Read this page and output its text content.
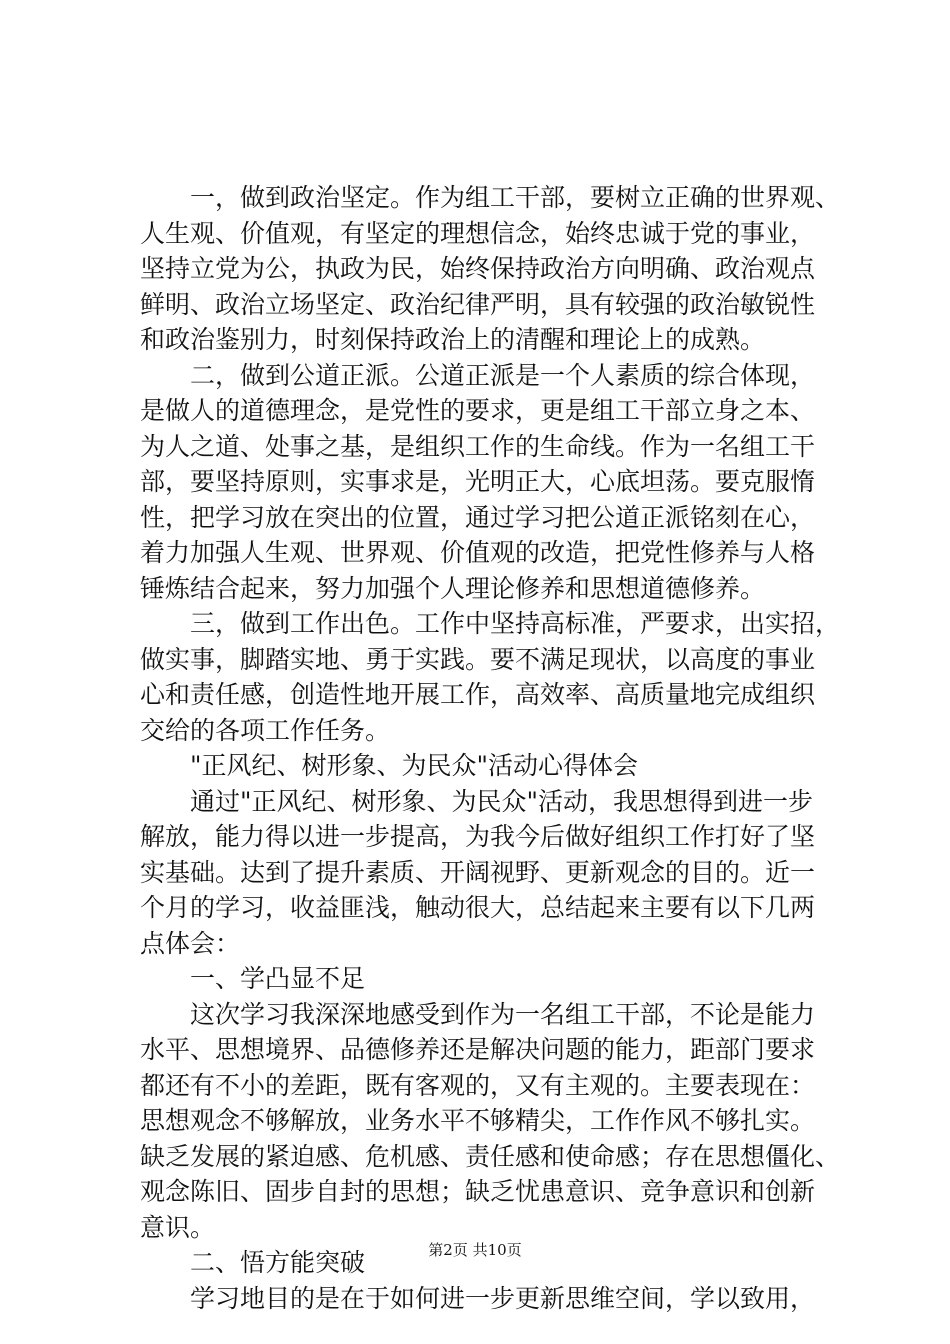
　　一，做到政治坚定。作为组工干部，要树立正确的世界观、
人生观、价值观，有坚定的理想信念，始终忠诚于党的事业，
坚持立党为公，执政为民，始终保持政治方向明确、政治观点
鲜明、政治立场坚定、政治纪律严明，具有较强的政治敏锐性
和政治鉴别力，时刻保持政治上的清醒和理论上的成熟。
　　二，做到公道正派。公道正派是一个人素质的综合体现，
是做人的道德理念，是党性的要求，更是组工干部立身之本、
为人之道、处事之基，是组织工作的生命线。作为一名组工干
部，要坚持原则，实事求是，光明正大，心底坦荡。要克服惰
性，把学习放在突出的位置，通过学习把公道正派铭刻在心，
着力加强人生观、世界观、价值观的改造，把党性修养与人格
锤炼结合起来，努力加强个人理论修养和思想道德修养。
　　三，做到工作出色。工作中坚持高标准，严要求，出实招，
做实事，脚踏实地、勇于实践。要不满足现状，以高度的事业
心和责任感，创造性地开展工作，高效率、高质量地完成组织
交给的各项工作任务。
　　"正风纪、树形象、为民众"活动心得体会
　　通过"正风纪、树形象、为民众"活动，我思想得到进一步
解放，能力得以进一步提高，为我今后做好组织工作打好了坚
实基础。达到了提升素质、开阔视野、更新观念的目的。近一
个月的学习，收益匪浅，触动很大，总结起来主要有以下几两
点体会：
　　一、学凸显不足
　　这次学习我深深地感受到作为一名组工干部，不论是能力
水平、思想境界、品德修养还是解决问题的能力，距部门要求
都还有不小的差距，既有客观的，又有主观的。主要表现在：
思想观念不够解放，业务水平不够精尖，工作作风不够扎实。
缺乏发展的紧迫感、危机感、责任感和使命感；存在思想僵化、
观念陈旧、固步自封的思想；缺乏忧患意识、竞争意识和创新
意识。
　　二、悟方能突破
　　学习地目的是在于如何进一步更新思维空间，学以致用，
第2页 共10页
